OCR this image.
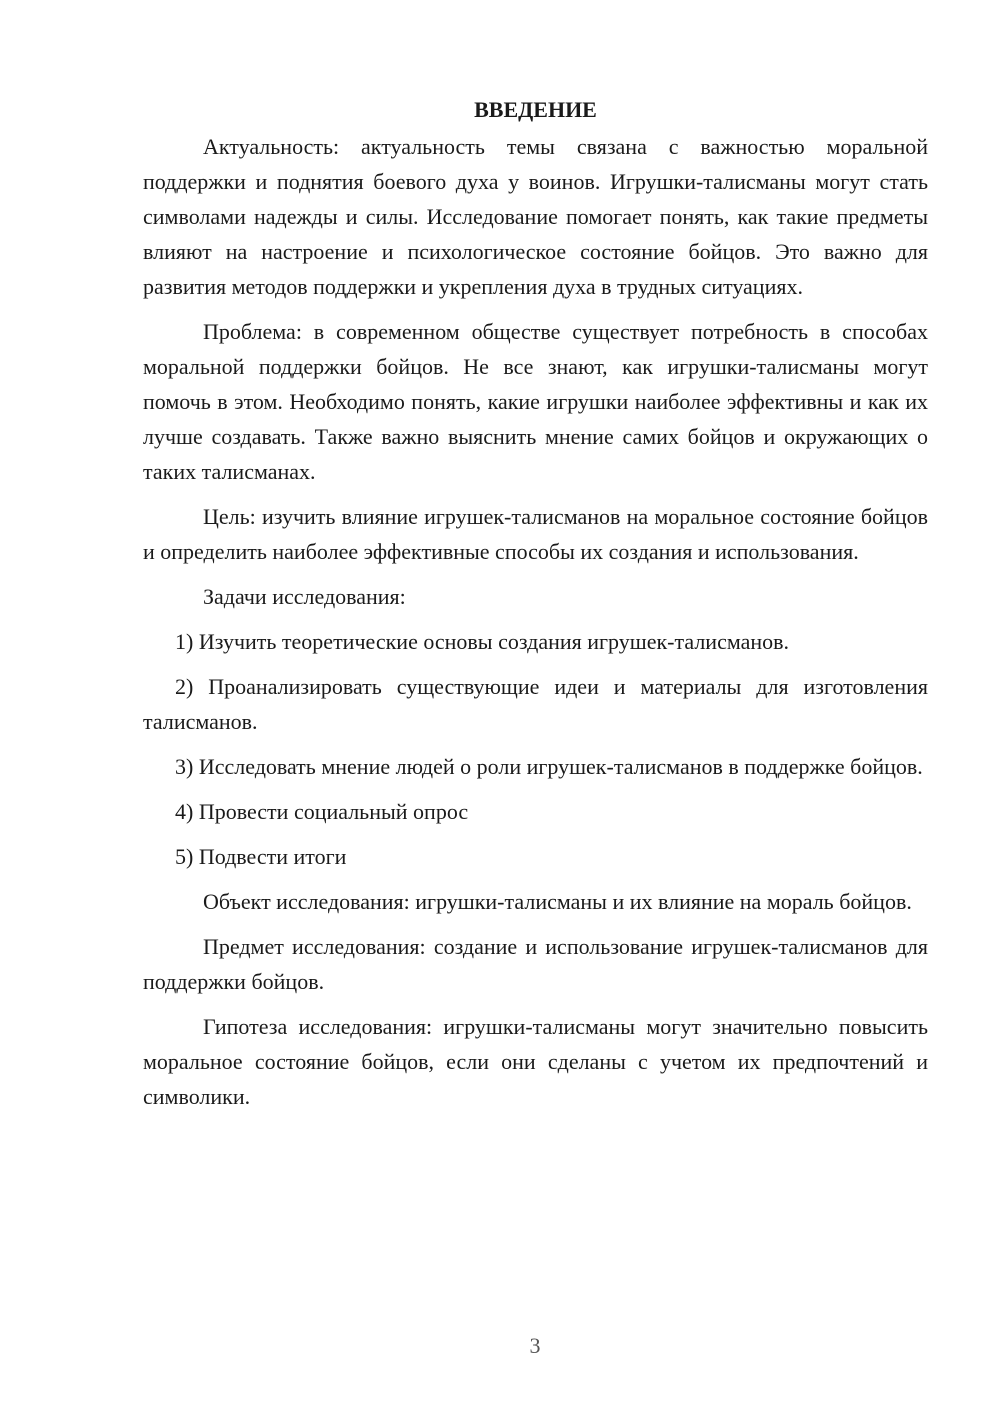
ВВЕДЕНИЕ

Актуальность: актуальность темы связана с важностью моральной поддержки и поднятия боевого духа у воинов. Игрушки-талисманы могут стать символами надежды и силы. Исследование помогает понять, как такие предметы влияют на настроение и психологическое состояние бойцов. Это важно для развития методов поддержки и укрепления духа в трудных ситуациях.

Проблема: в современном обществе существует потребность в способах моральной поддержки бойцов. Не все знают, как игрушки-талисманы могут помочь в этом. Необходимо понять, какие игрушки наиболее эффективны и как их лучше создавать. Также важно выяснить мнение самих бойцов и окружающих о таких талисманах.

Цель: изучить влияние игрушек-талисманов на моральное состояние бойцов и определить наиболее эффективные способы их создания и использования.

Задачи исследования:

1) Изучить теоретические основы создания игрушек-талисманов.

2) Проанализировать существующие идеи и материалы для изготовления талисманов.

3) Исследовать мнение людей о роли игрушек-талисманов в поддержке бойцов.

4) Провести социальный опрос

5) Подвести итоги

Объект исследования: игрушки-талисманы и их влияние на мораль бойцов.

Предмет исследования: создание и использование игрушек-талисманов для поддержки бойцов.

Гипотеза исследования: игрушки-талисманы могут значительно повысить моральное состояние бойцов, если они сделаны с учетом их предпочтений и символики.

3
